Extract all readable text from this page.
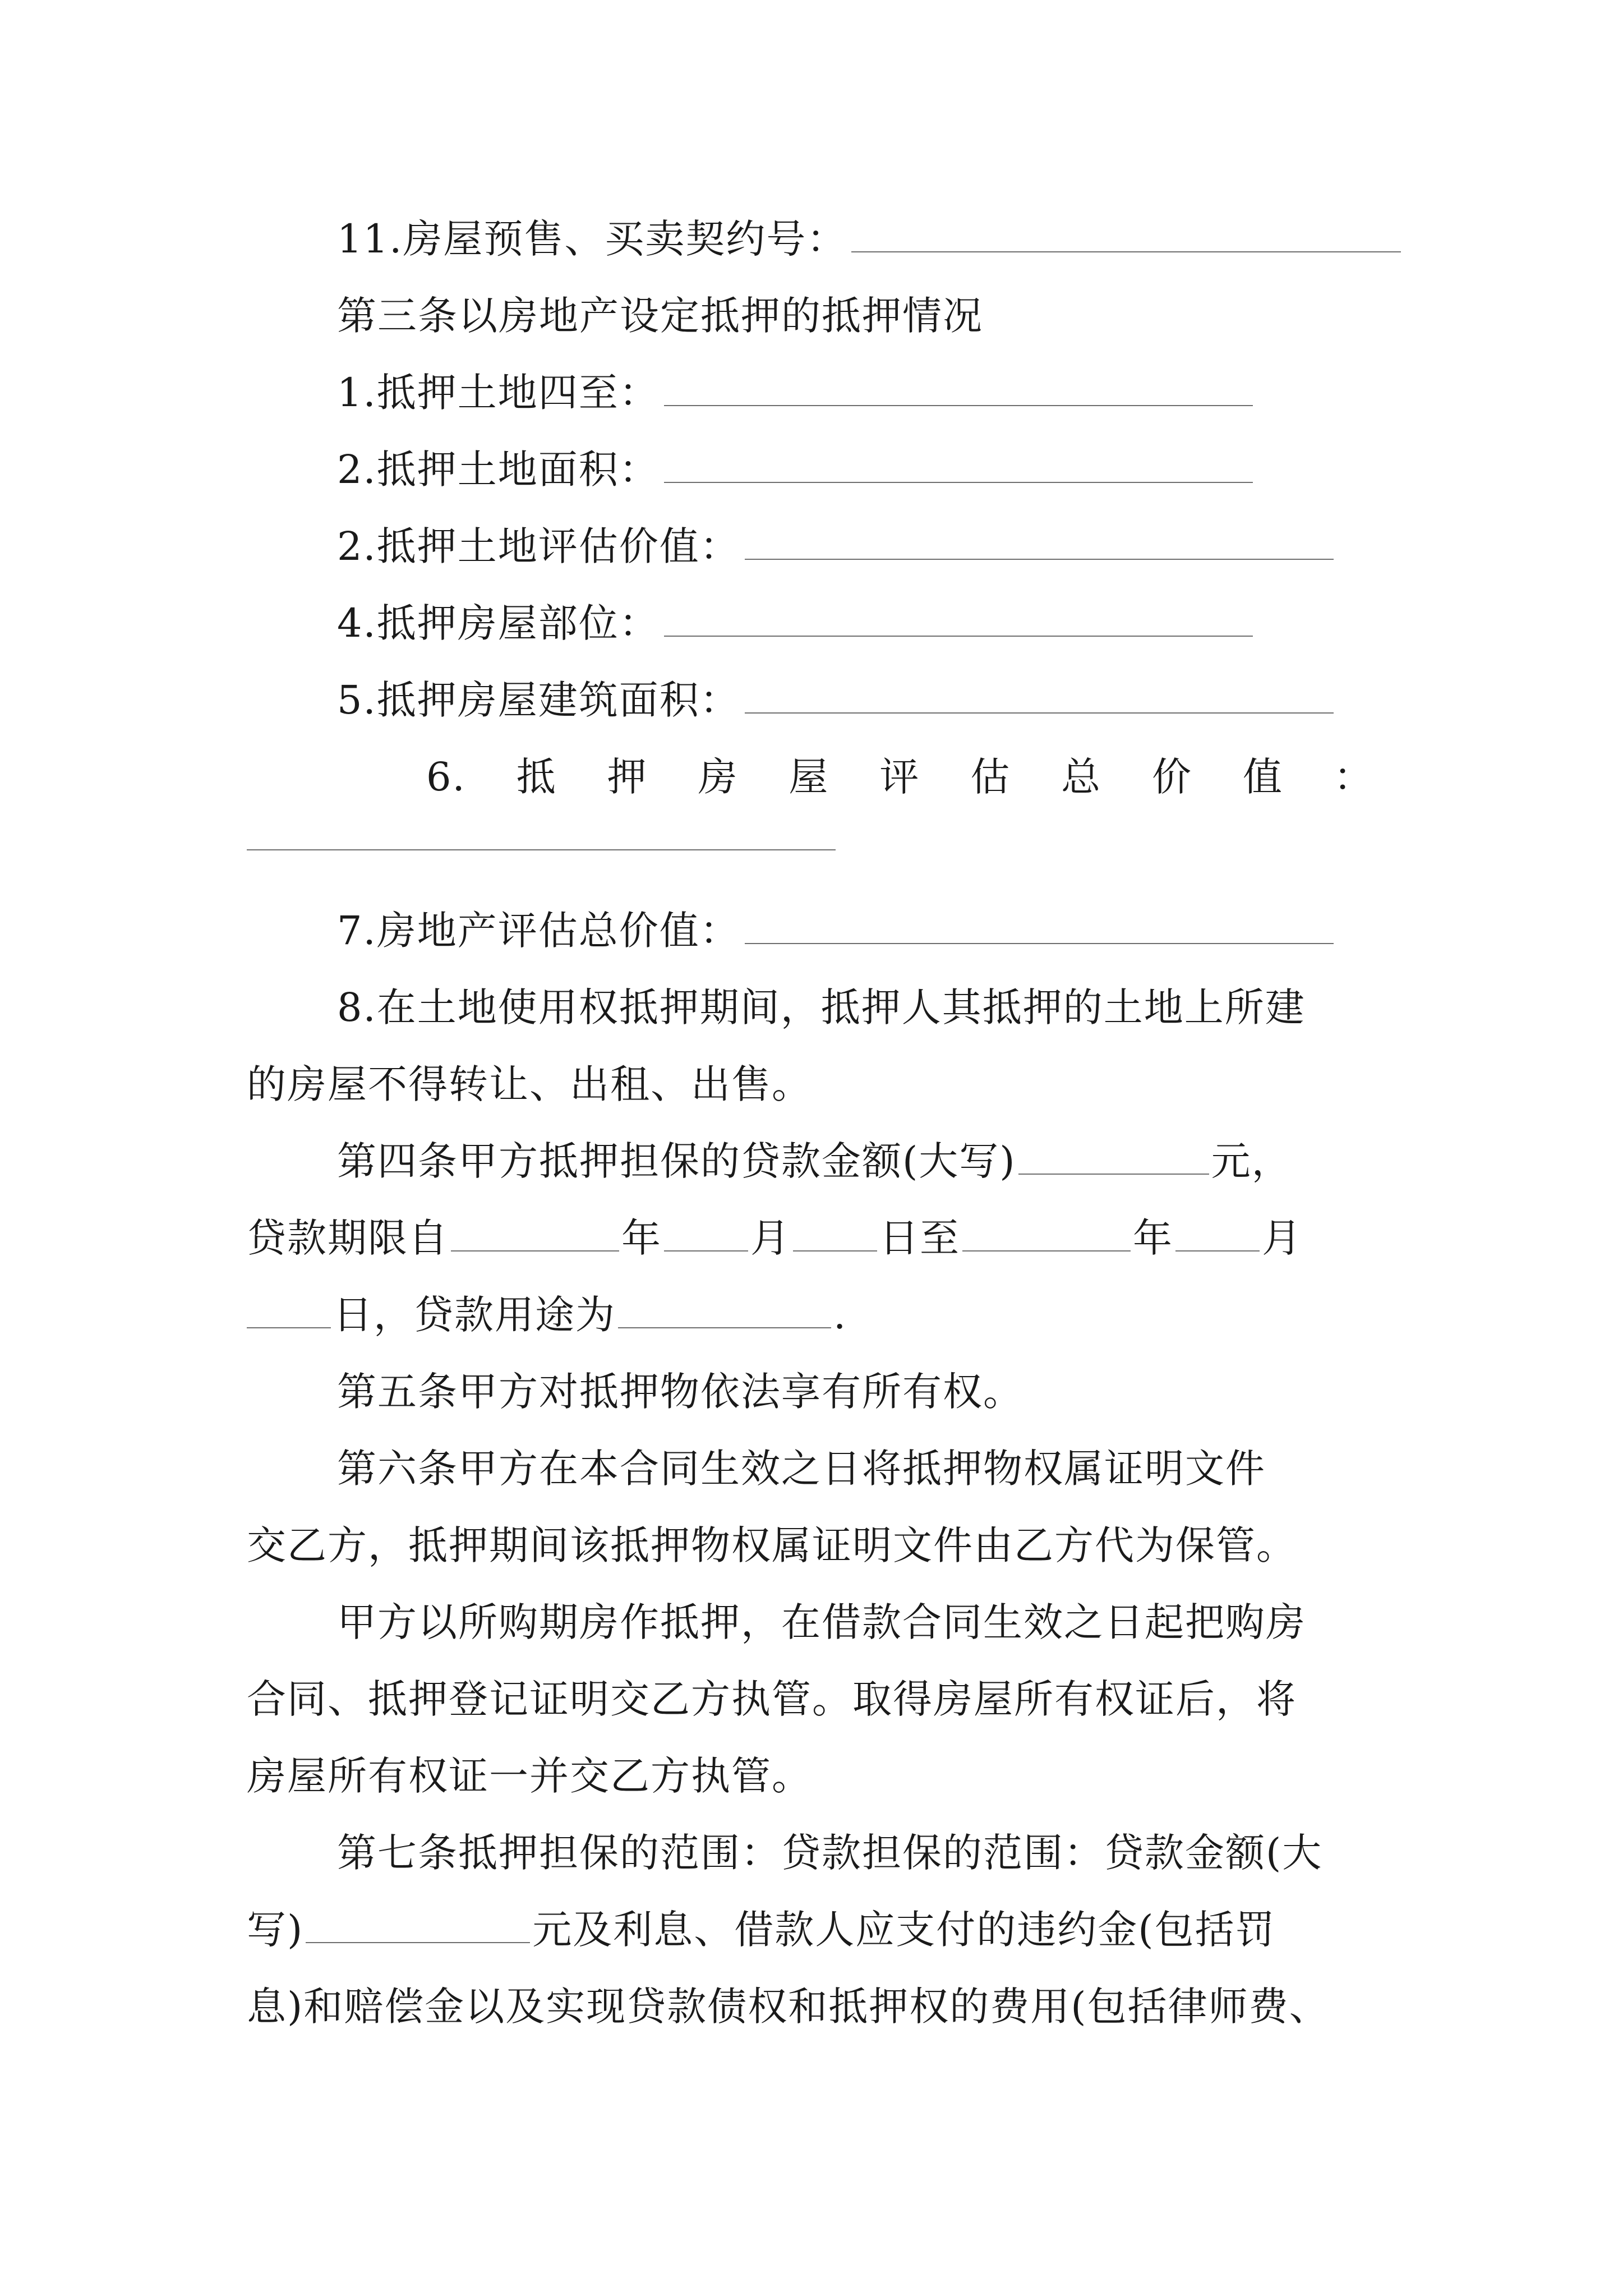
11.房屋预售、买卖契约号：
第三条以房地产设定抵押的抵押情况
1.抵押土地四至：
2.抵押土地面积：
2.抵押土地评估价值：
4.抵押房屋部位：
5.抵押房屋建筑面积：
6. 抵 押 房 屋 评 估 总 价 值 ：
7.房地产评估总价值：
8.在土地使用权抵押期间，抵押人其抵押的土地上所建
的房屋不得转让、出租、出售。
第四条甲方抵押担保的贷款金额(大写)	元，
贷款期限自	年 月 日至	年 月
日，贷款用途为	.
第五条甲方对抵押物依法享有所有权。
第六条甲方在本合同生效之日将抵押物权属证明文件
交乙方，抵押期间该抵押物权属证明文件由乙方代为保管。
甲方以所购期房作抵押，在借款合同生效之日起把购房
合同、抵押登记证明交乙方执管。取得房屋所有权证后，将
房屋所有权证一并交乙方执管。
第七条抵押担保的范围：贷款担保的范围：贷款金额(大
写)	元及利息、借款人应支付的违约金(包括罚
息)和赔偿金以及实现贷款债权和抵押权的费用(包括律师费、
